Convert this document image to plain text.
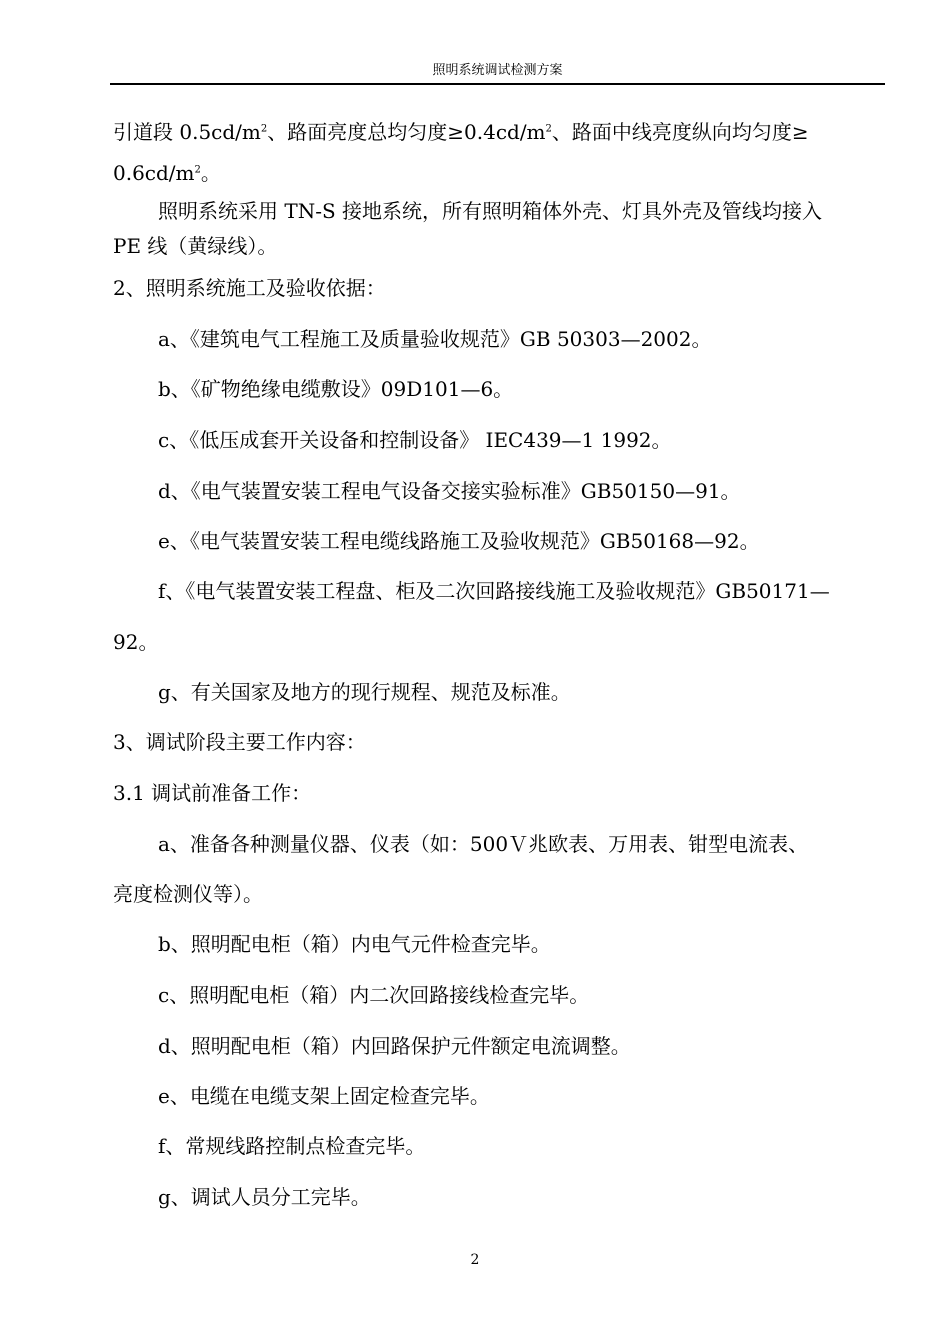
照明系统调试检测方案
引道段 $0.5cd/m^2$、路面亮度总均匀度$\ge 0.4cd/m^2$、路面中线亮度纵向均匀度≥
$0.6cd/m^2$。
照明系统采用 TN-S 接地系统，所有照明箱体外壳、灯具外壳及管线均接入
PE 线（黄绿线）。
2、照明系统施工及验收依据：
a、《建筑电气工程施工及质量验收规范》GB 50303—2002。
b、《矿物绝缘电缆敷设》09D101—6。
c、《低压成套开关设备和控制设备》 IEC439—1 1992。
d、《电气装置安装工程电气设备交接实验标准》GB50150—91。
e、《电气装置安装工程电缆线路施工及验收规范》GB50168—92。
f、《电气装置安装工程盘、柜及二次回路接线施工及验收规范》GB50171—
92。
g、有关国家及地方的现行规程、规范及标准。
3、调试阶段主要工作内容：
3.1 调试前准备工作：
a、准备各种测量仪器、仪表（如：500Ｖ兆欧表、万用表、钳型电流表、
亮度检测仪等）。
b、照明配电柜（箱）内电气元件检查完毕。
c、照明配电柜（箱）内二次回路接线检查完毕。
d、照明配电柜（箱）内回路保护元件额定电流调整。
e、电缆在电缆支架上固定检查完毕。
f、常规线路控制点检查完毕。
g、调试人员分工完毕。
2
